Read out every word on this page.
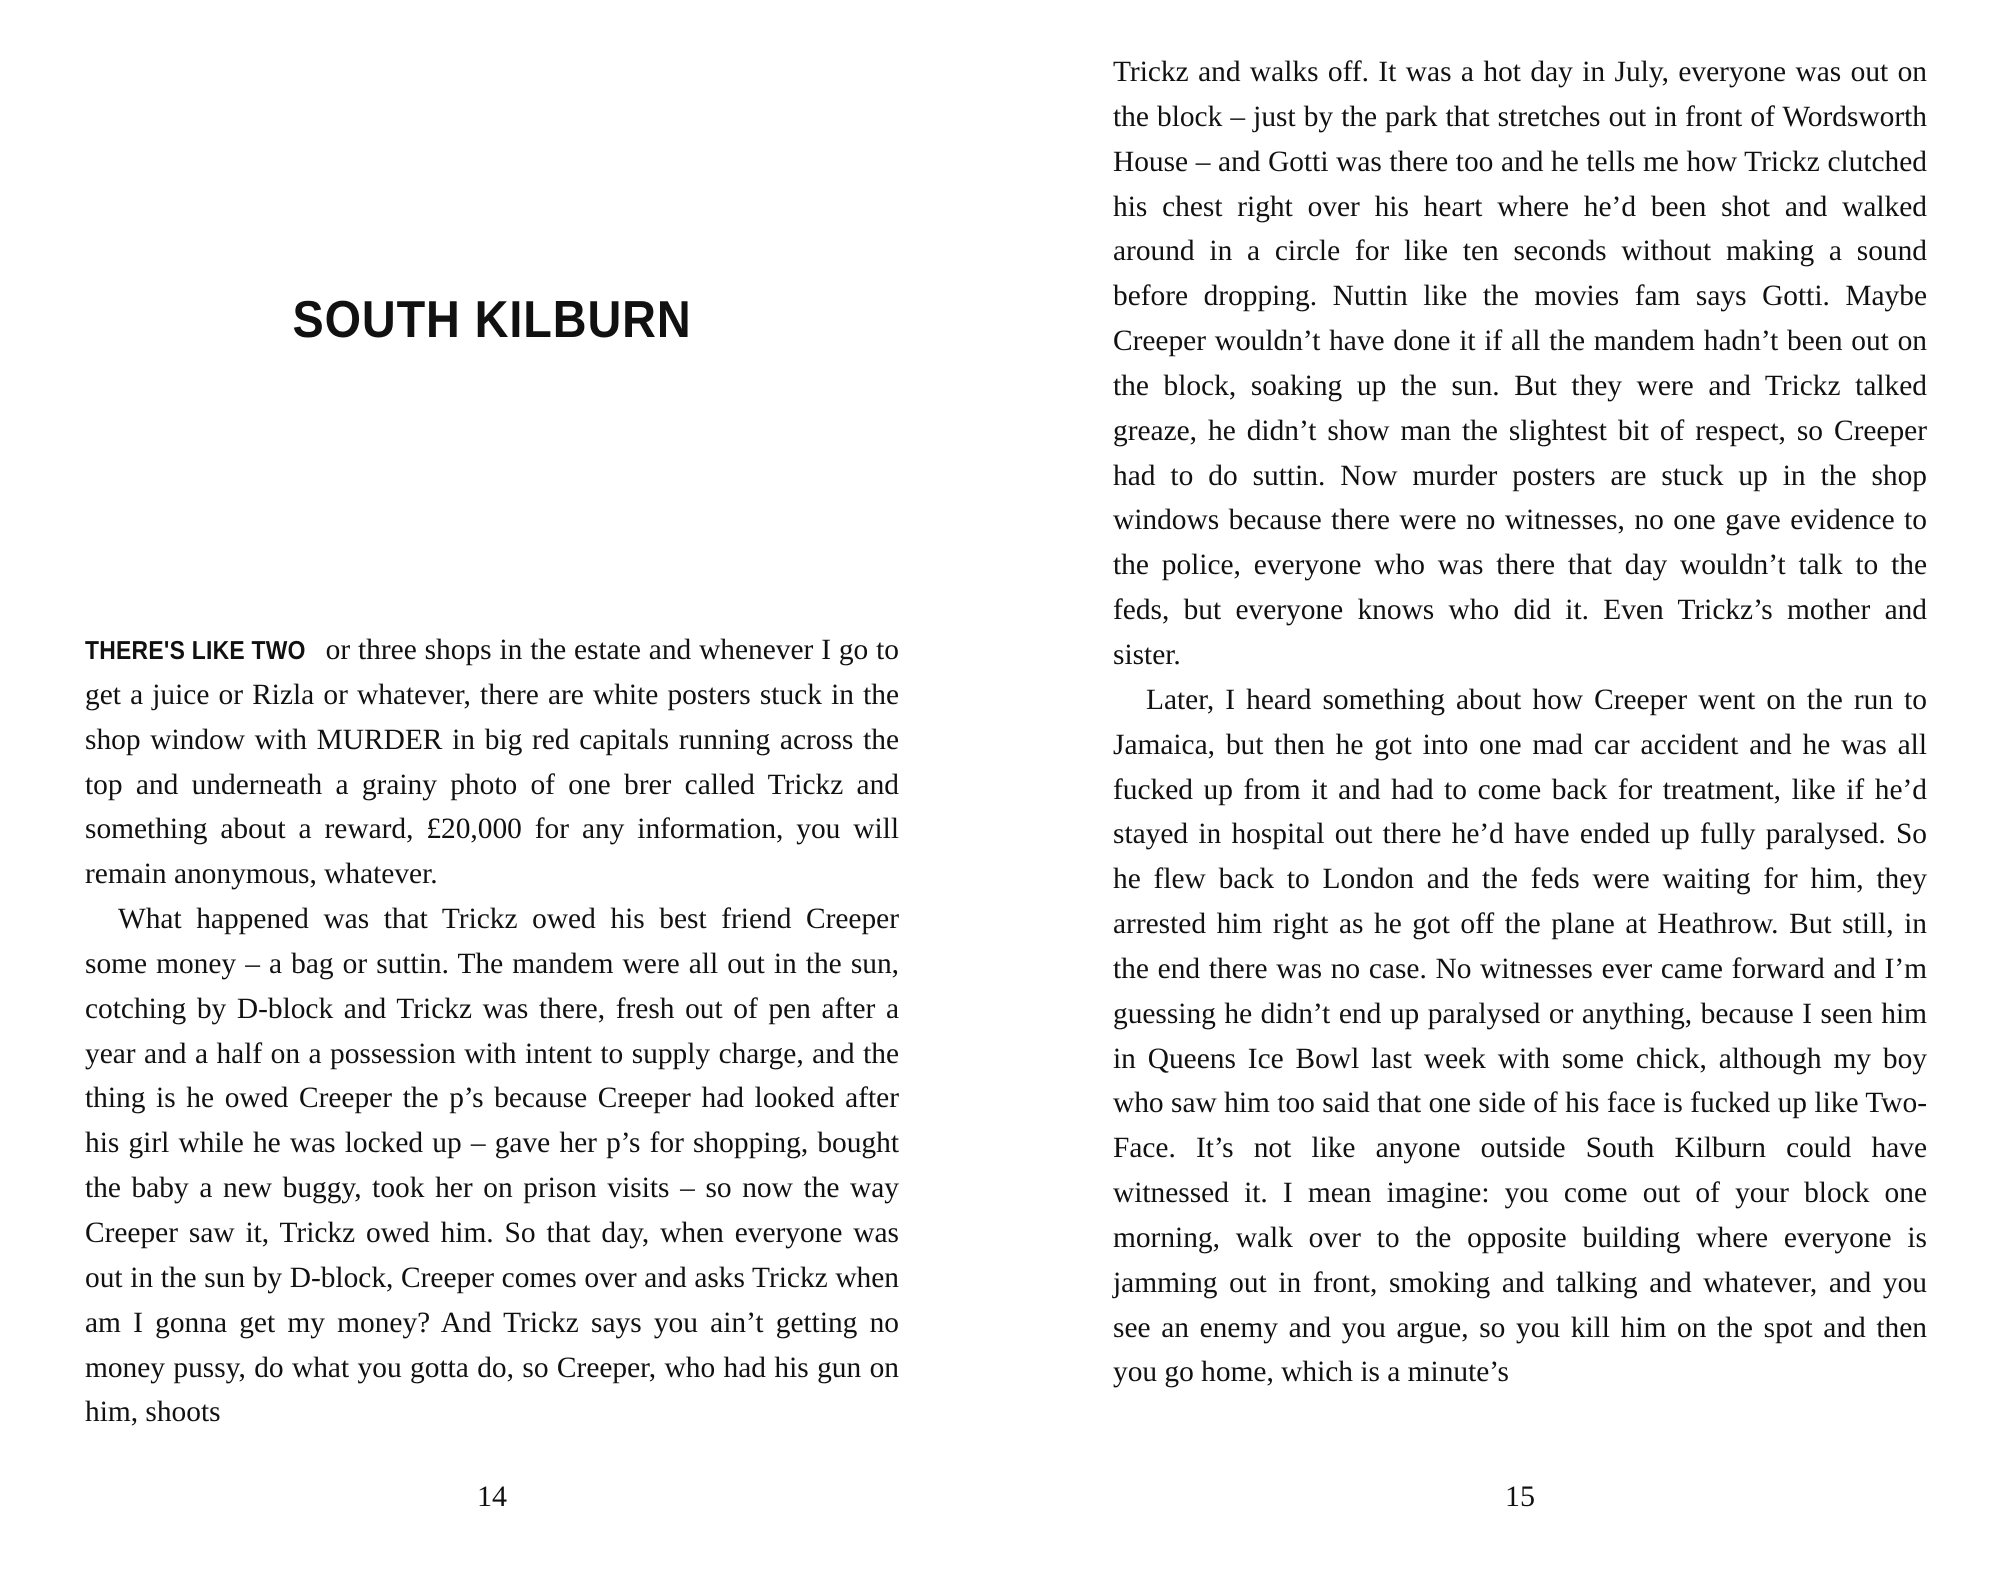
SOUTH KILBURN

THERE'S LIKE TWO or three shops in the estate and whenever I go to get a juice or Rizla or whatever, there are white posters stuck in the shop window with MURDER in big red capitals running across the top and underneath a grainy photo of one brer called Trickz and something about a reward, £20,000 for any information, you will remain anonymous, whatever.

What happened was that Trickz owed his best friend Creeper some money – a bag or suttin. The mandem were all out in the sun, cotching by D-block and Trickz was there, fresh out of pen after a year and a half on a possession with intent to supply charge, and the thing is he owed Creeper the p’s because Creeper had looked after his girl while he was locked up – gave her p’s for shopping, bought the baby a new buggy, took her on prison visits – so now the way Creeper saw it, Trickz owed him. So that day, when everyone was out in the sun by D-block, Creeper comes over and asks Trickz when am I gonna get my money? And Trickz says you ain’t getting no money pussy, do what you gotta do, so Creeper, who had his gun on him, shoots

14

Trickz and walks off. It was a hot day in July, everyone was out on the block – just by the park that stretches out in front of Wordsworth House – and Gotti was there too and he tells me how Trickz clutched his chest right over his heart where he’d been shot and walked around in a circle for like ten seconds without making a sound before dropping. Nuttin like the movies fam says Gotti. Maybe Creeper wouldn’t have done it if all the mandem hadn’t been out on the block, soaking up the sun. But they were and Trickz talked greaze, he didn’t show man the slightest bit of respect, so Creeper had to do suttin. Now murder posters are stuck up in the shop windows because there were no witnesses, no one gave evidence to the police, everyone who was there that day wouldn’t talk to the feds, but everyone knows who did it. Even Trickz’s mother and sister.

Later, I heard something about how Creeper went on the run to Jamaica, but then he got into one mad car accident and he was all fucked up from it and had to come back for treatment, like if he’d stayed in hospital out there he’d have ended up fully paralysed. So he flew back to London and the feds were waiting for him, they arrested him right as he got off the plane at Heathrow. But still, in the end there was no case. No witnesses ever came forward and I’m guessing he didn’t end up paralysed or anything, because I seen him in Queens Ice Bowl last week with some chick, although my boy who saw him too said that one side of his face is fucked up like Two-Face. It’s not like anyone outside South Kilburn could have witnessed it. I mean imagine: you come out of your block one morning, walk over to the opposite building where everyone is jamming out in front, smoking and talking and whatever, and you see an enemy and you argue, so you kill him on the spot and then you go home, which is a minute’s

15
